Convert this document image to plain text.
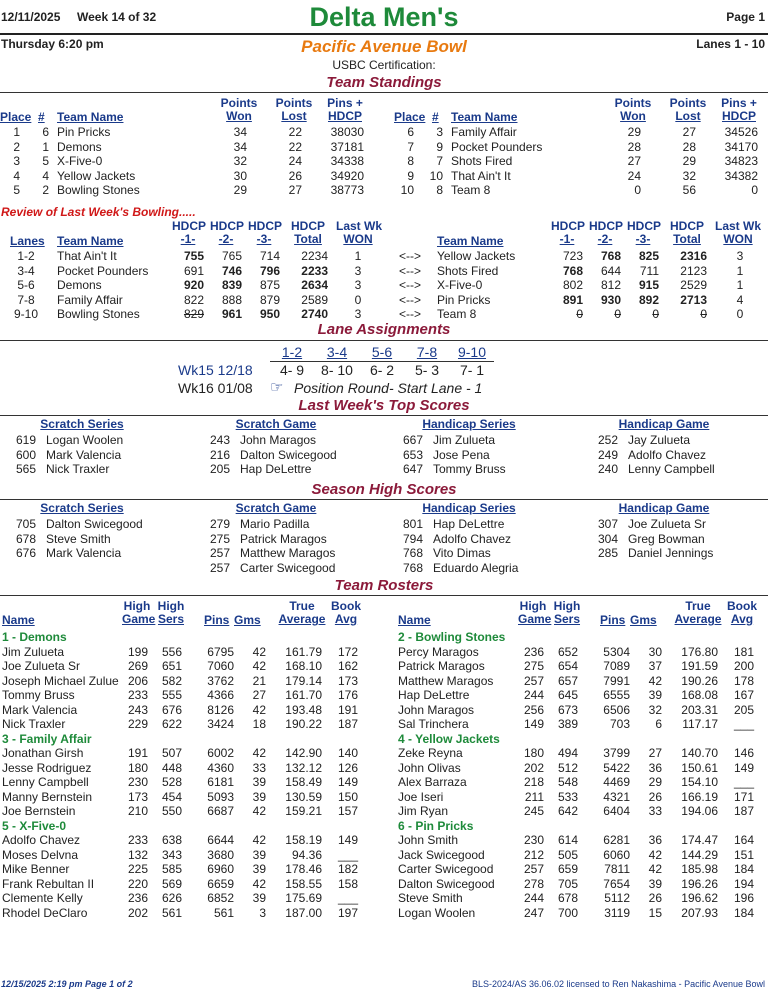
12/11/2025 Week 14 of 32	Delta Men's	Page 1
Thursday 6:20 pm	Pacific Avenue Bowl	Lanes 1 - 10
USBC Certification:
Team Standings
Place # Team Name
Points
Won
Points
Lost
Pins +
HDCP
1	6 Pin Pricks	34	22	38030
2	1 Demons	34	22	37181
3	5 X-Five-0	32	24	34338
4	4 Yellow Jackets	30	26	34920
5	2 Bowling Stones	29	27	38773
Place # Team Name
Points
Won
Points
Lost
Pins +
HDCP
6	3 Family Affair	29	27	34526
7	9 Pocket Pounders	28	28	34170
8	7 Shots Fired	27	29	34823
9	10 That Ain't It	24	32	34382
10	8 Team 8	0	56	0
Review of Last Week's Bowling.....
Lanes Team Name
HDCP
-1-
HDCP
-2-
HDCP
-3-
HDCP
Total
Last Wk
WON	Team Name
HDCP
-1-
HDCP
-2-
HDCP
-3-
HDCP
Total
Last Wk
WON
1-2	That Ain't It	755	765	714	2234	1	<-->	Yellow Jackets	723	768	825	2316	3
3-4	Pocket Pounders	691	746	796	2233	3	<-->	Shots Fired	768	644	711	2123	1
5-6	Demons	920	839	875	2634	3	<-->	X-Five-0	802	812	915	2529	1
7-8	Family Affair	822	888	879	2589	0	<-->	Pin Pricks	891	930	892	2713	4
9-10	Bowling Stones	829	961	950	2740	3	<-->	Team 8	0	0	0	0	0
Lane Assignments
1-2	3-4	5-6	7-8	9-10
Wk15 12/18	4- 9	8- 10	6- 2	5- 3	7- 1
Wk16 01/08 ☞ Position Round- Start Lane - 1
Last Week's Top Scores
Scratch Series
619 Logan Woolen
600 Mark Valencia
565 Nick Traxler
Scratch Game
243 John Maragos
216 Dalton Swicegood
205 Hap DeLettre
Handicap Series
667 Jim Zulueta
653 Jose Pena
647 Tommy Bruss
Handicap Game
252 Jay Zulueta
249 Adolfo Chavez
240 Lenny Campbell
Season High Scores
Scratch Series
705 Dalton Swicegood
678 Steve Smith
676 Mark Valencia
Scratch Game
279 Mario Padilla
275 Patrick Maragos
257 Matthew Maragos
257 Carter Swicegood
Handicap Series
801 Hap DeLettre
794 Adolfo Chavez
768 Vito Dimas
768 Eduardo Alegria
Handicap Game
307 Joe Zulueta Sr
304 Greg Bowman
285 Daniel Jennings
Team Rosters
Name
High
Game
High
Sers Pins Gms
True
Average
Book
Avg
1 - Demons
Jim Zulueta	199	556	6795	42	161.79	172
Joe Zulueta Sr	269	651	7060	42	168.10	162
Joseph Michael Zulue 206	582	3762	21	179.14	173
Tommy Bruss	233	555	4366	27	161.70	176
Mark Valencia	243	676	8126	42	193.48	191
Nick Traxler	229	622	3424	18	190.22	187
3 - Family Affair
Jonathan Girsh	191	507	6002	42	142.90	140
Jesse Rodriguez	180	448	4360	33	132.12	126
Lenny Campbell	230	528	6181	39	158.49	149
Manny Bernstein	173	454	5093	39	130.59	150
Joe Bernstein	210	550	6687	42	159.21	157
5 - X-Five-0
Adolfo Chavez	233	638	6644	42	158.19	149
Moses Delvna	132	343	3680	39	94.36	___
Mike Benner	225	585	6960	39	178.46	182
Frank Rebultan II	220	569	6659	42	158.55	158
Clemente Kelly	236	626	6852	39	175.69	___
Rhodel DeClaro	202	561	561	3	187.00	197
Name
High
Game
High
Sers Pins Gms
True
Average
Book
Avg
2 - Bowling Stones
Percy Maragos	236	652	5304	30	176.80	181
Patrick Maragos	275	654	7089	37	191.59	200
Matthew Maragos	257	657	7991	42	190.26	178
Hap DeLettre	244	645	6555	39	168.08	167
John Maragos	256	673	6506	32	203.31	205
Sal Trinchera	149	389	703	6	117.17	___
4 - Yellow Jackets
Zeke Reyna	180	494	3799	27	140.70	146
John Olivas	202	512	5422	36	150.61	149
Alex Barraza	218	548	4469	29	154.10	___
Joe Iseri	211	533	4321	26	166.19	171
Jim Ryan	245	642	6404	33	194.06	187
6 - Pin Pricks
John Smith	230	614	6281	36	174.47	164
Jack Swicegood	212	505	6060	42	144.29	151
Carter Swicegood	257	659	7811	42	185.98	184
Dalton Swicegood	278	705	7654	39	196.26	194
Steve Smith	244	678	5112	26	196.62	196
Logan Woolen	247	700	3119	15	207.93	184
12/15/2025 2:19 pm Page 1 of 2	BLS-2024/AS 36.06.02 licensed to Ren Nakashima - Pacific Avenue Bowl
